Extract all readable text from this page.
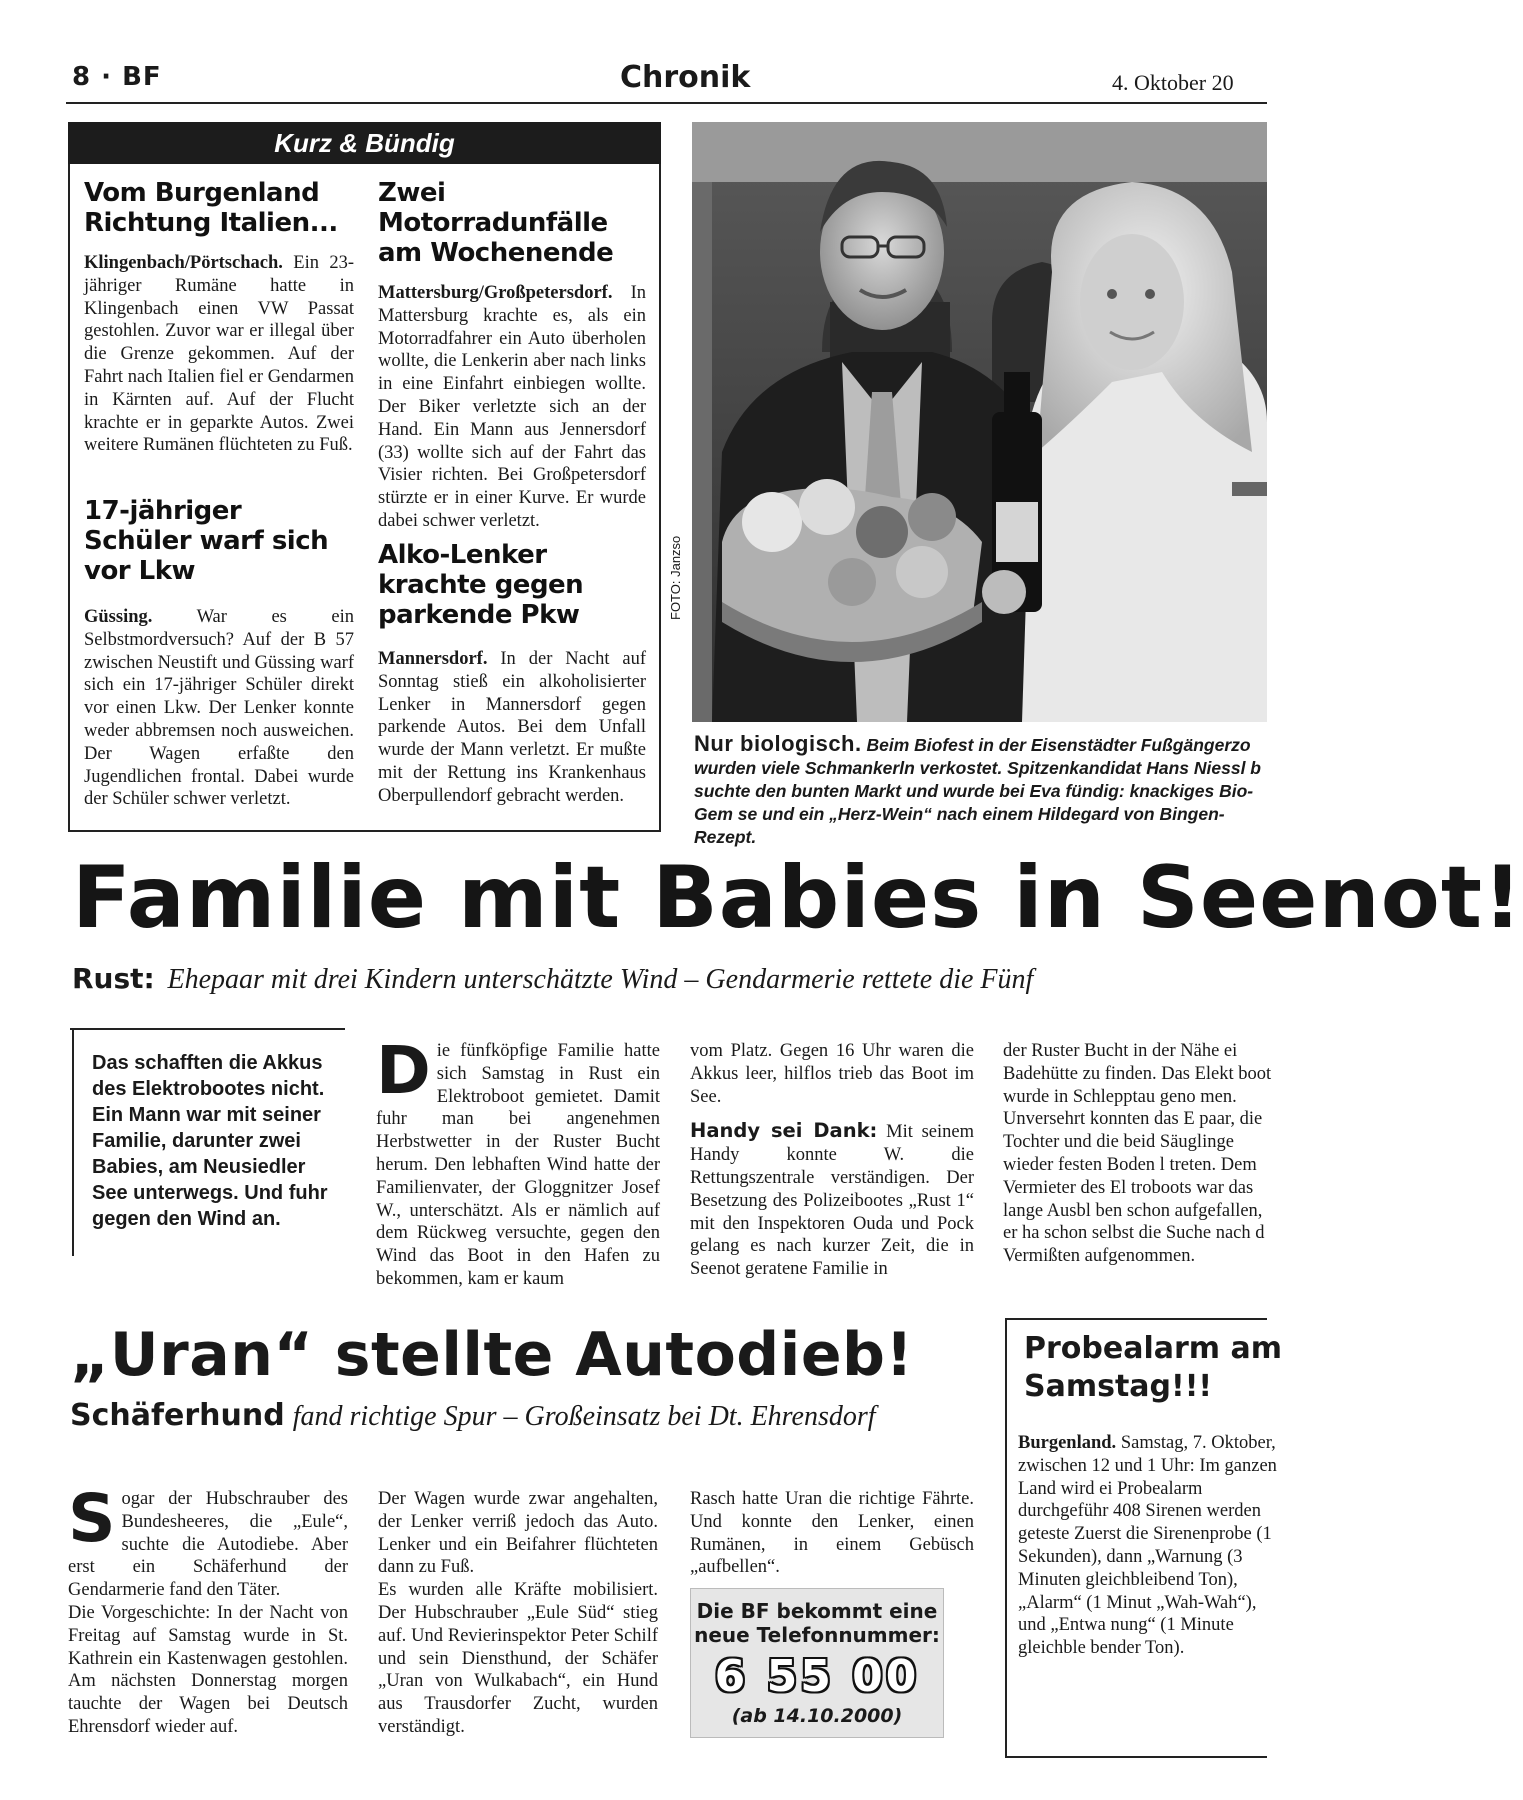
8 · BF	Chronik	4. Oktober 20
Kurz & Bündig
Vom Burgenland Richtung Italien...
Klingenbach/Pörtschach. Ein 23-jähriger Rumäne hatte in Klingenbach einen VW Passat gestohlen. Zuvor war er illegal über die Grenze gekommen. Auf der Fahrt nach Italien fiel er Gendarmen in Kärnten auf. Auf der Flucht krachte er in geparkte Autos. Zwei weitere Rumänen flüchteten zu Fuß.
17-jähriger Schüler warf sich vor Lkw
Güssing. War es ein Selbstmordversuch? Auf der B 57 zwischen Neustift und Güssing warf sich ein 17-jähriger Schüler direkt vor einen Lkw. Der Lenker konnte weder abbremsen noch ausweichen. Der Wagen erfaßte den Jugendlichen frontal. Dabei wurde der Schüler schwer verletzt.
Zwei Motorradunfälle am Wochenende
Mattersburg/Großpetersdorf. In Mattersburg krachte es, als ein Motorradfahrer ein Auto überholen wollte, die Lenkerin aber nach links in eine Einfahrt einbiegen wollte. Der Biker verletzte sich an der Hand. Ein Mann aus Jennersdorf (33) wollte sich auf der Fahrt das Visier richten. Bei Großpetersdorf stürzte er in einer Kurve. Er wurde dabei schwer verletzt.
Alko-Lenker krachte gegen parkende Pkw
Mannersdorf. In der Nacht auf Sonntag stieß ein alkoholisierter Lenker in Mannersdorf gegen parkende Autos. Bei dem Unfall wurde der Mann verletzt. Er mußte mit der Rettung ins Krankenhaus Oberpullendorf gebracht werden.
FOTO: Janzso
Nur biologisch. Beim Biofest in der Eisenstädter Fußgängerzo wurden viele Schmankerln verkostet. Spitzenkandidat Hans Niessl b suchte den bunten Markt und wurde bei Eva fündig: knackiges Bio-Gem se und ein „Herz-Wein“ nach einem Hildegard von Bingen-Rezept.
Familie mit Babies in Seenot!
Rust: Ehepaar mit drei Kindern unterschätzte Wind – Gendarmerie rettete die Fünf
Das schafften die Akkus des Elektrobootes nicht. Ein Mann war mit seiner Familie, darunter zwei Babies, am Neusiedler See unterwegs. Und fuhr gegen den Wind an.
Die fünfköpfige Familie hatte sich Samstag in Rust ein Elektroboot gemietet. Damit fuhr man bei angenehmen Herbstwetter in der Ruster Bucht herum. Den lebhaften Wind hatte der Familienvater, der Gloggnitzer Josef W., unterschätzt. Als er nämlich auf dem Rückweg versuchte, gegen den Wind das Boot in den Hafen zu bekommen, kam er kaum
vom Platz. Gegen 16 Uhr waren die Akkus leer, hilflos trieb das Boot im See.
Handy sei Dank: Mit seinem Handy konnte W. die Rettungszentrale verständigen. Der Besetzung des Polizeibootes „Rust 1“ mit den Inspektoren Ouda und Pock gelang es nach kurzer Zeit, die in Seenot geratene Familie in
der Ruster Bucht in der Nähe ei Badehütte zu finden. Das Elekt boot wurde in Schlepptau geno men. Unversehrt konnten das E paar, die Tochter und die beid Säuglinge wieder festen Boden l treten. Dem Vermieter des El troboots war das lange Ausbl ben schon aufgefallen, er ha schon selbst die Suche nach d Vermißten aufgenommen.
„Uran“ stellte Autodieb!
Schäferhund fand richtige Spur – Großeinsatz bei Dt. Ehrensdorf
Sogar der Hubschrauber des Bundesheeres, die „Eule“, suchte die Autodiebe. Aber erst ein Schäferhund der Gendarmerie fand den Täter.
Die Vorgeschichte: In der Nacht von Freitag auf Samstag wurde in St. Kathrein ein Kastenwagen gestohlen. Am nächsten Donnerstag morgen tauchte der Wagen bei Deutsch Ehrensdorf wieder auf.
Der Wagen wurde zwar angehalten, der Lenker verriß jedoch das Auto. Lenker und ein Beifahrer flüchteten dann zu Fuß.
Es wurden alle Kräfte mobilisiert. Der Hubschrauber „Eule Süd“ stieg auf. Und Revierinspektor Peter Schilf und sein Diensthund, der Schäfer „Uran von Wulkabach“, ein Hund aus Trausdorfer Zucht, wurden verständigt.
Rasch hatte Uran die richtige Fährte. Und konnte den Lenker, einen Rumänen, in einem Gebüsch „aufbellen“.
Die BF bekommt eine neue Telefonnummer:
6 55 00
(ab 14.10.2000)
Probealarm am Samstag!!!
Burgenland. Samstag, 7. Oktober, zwischen 12 und 1 Uhr: Im ganzen Land wird ei Probealarm durchgeführ 408 Sirenen werden geteste Zuerst die Sirenenprobe (1 Sekunden), dann „Warnung (3 Minuten gleichbleibend Ton), „Alarm“ (1 Minut „Wah-Wah“), und „Entwa nung“ (1 Minute gleichble bender Ton).
